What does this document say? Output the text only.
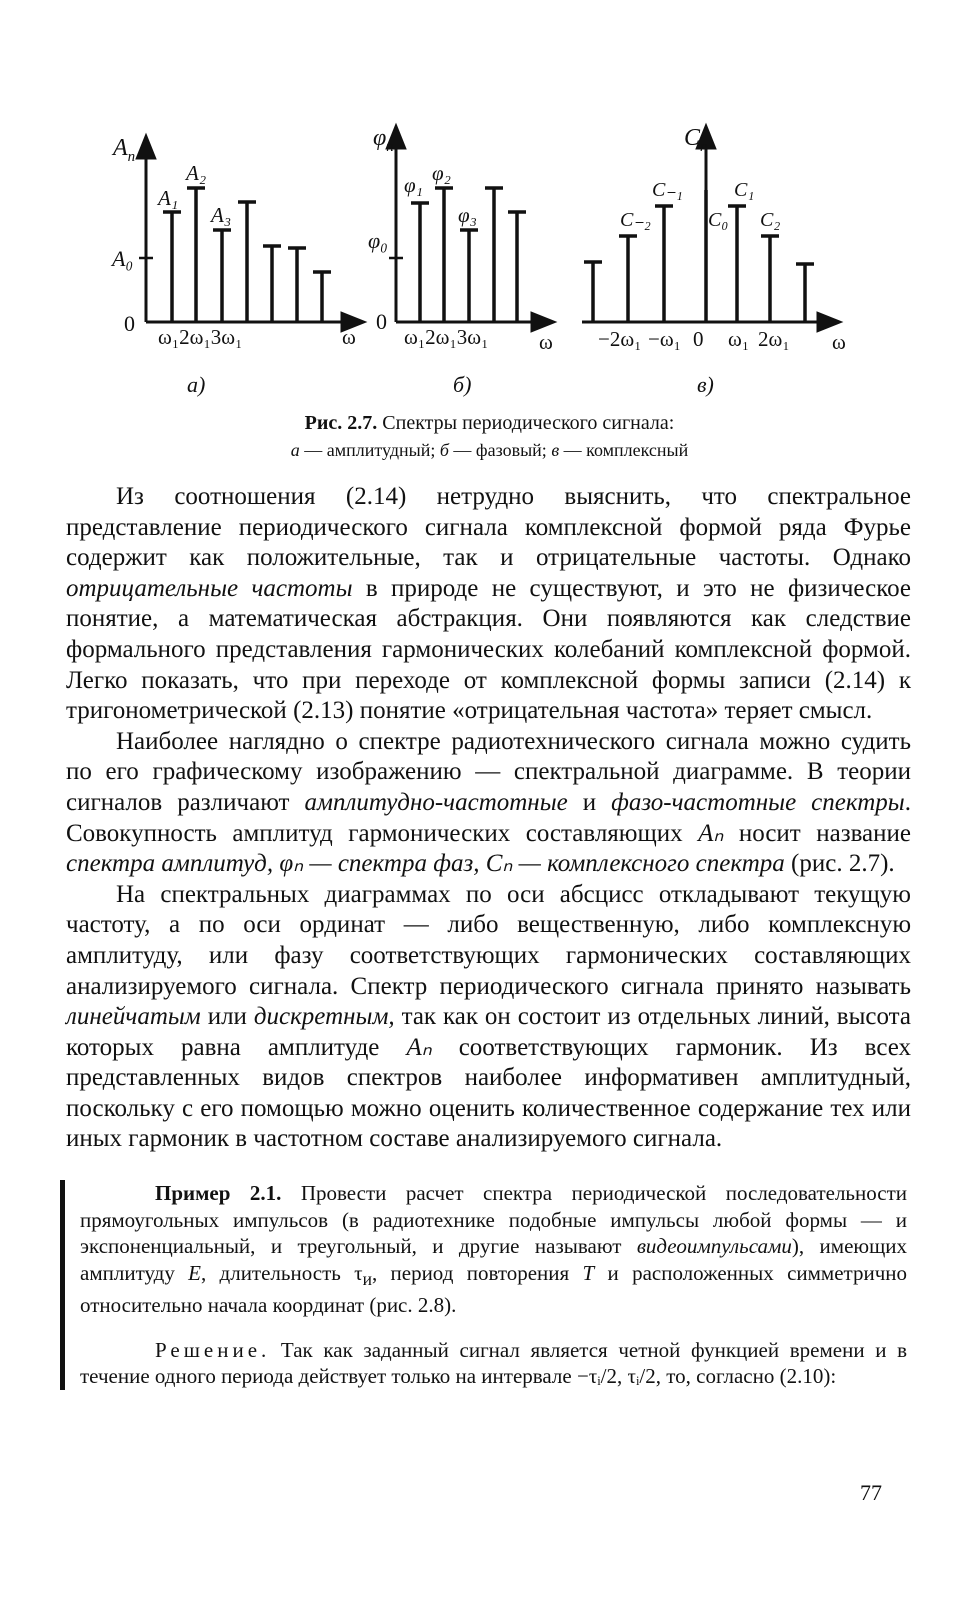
$A_n$
A₀
0
A₁
A₂
A₃
ω₁2ω₁3ω₁	ω
а)
$\varphi_n$
φ₀
0
φ₁ φ₂
φ₃
ω₁2ω₁3ω₁ ω
б)
$C_n$
C₋₂
C₋₁
C₀
C₁
C₂
−2ω₁ −ω₁ 0 ω₁ 2ω₁ ω
в)
Рис. 2.7. Спектры периодического сигнала:
а — амплитудный; б — фазовый; в — комплексный

Из соотношения (2.14) нетрудно выяснить, что спектральное представление периодического сигнала комплексной формой ряда Фурье содержит как положительные, так и отрицательные частоты. Однако отрицательные частоты в природе не существуют, и это не физическое понятие, а математическая абстракция. Они появляются как следствие формального представления гармонических колебаний комплексной формой. Легко показать, что при переходе от комплексной формы записи (2.14) к тригонометрической (2.13) понятие «отрицательная частота» теряет смысл.

Наиболее наглядно о спектре радиотехнического сигнала можно судить по его графическому изображению — спектральной диаграмме. В теории сигналов различают амплитудно-частотные и фазо-частотные спектры. Совокупность амплитуд гармонических составляющих Aₙ носит название спектра амплитуд, φₙ — спектра фаз, Cₙ — комплексного спектра (рис. 2.7).

На спектральных диаграммах по оси абсцисс откладывают текущую частоту, а по оси ординат — либо вещественную, либо комплексную амплитуду, или фазу соответствующих гармонических составляющих анализируемого сигнала. Спектр периодического сигнала принято называть линейчатым или дискретным, так как он состоит из отдельных линий, высота которых равна амплитуде Aₙ соответствующих гармоник. Из всех представленных видов спектров наиболее информативен амплитудный, поскольку с его помощью можно оценить количественное содержание тех или иных гармоник в частотном составе анализируемого сигнала.

Пример 2.1. Провести расчет спектра периодической последовательности прямоугольных импульсов (в радиотехнике подобные импульсы любой формы — и экспоненциальный, и треугольный, и другие называют видеоимпульсами), имеющих амплитуду E, длительность $\tau_и$, период повторения T и расположенных симметрично относительно начала координат (рис. 2.8).

Решение. Так как заданный сигнал является четной функцией времени и в течение одного периода действует только на интервале −τᵢ/2, τᵢ/2, то, согласно (2.10):

77
